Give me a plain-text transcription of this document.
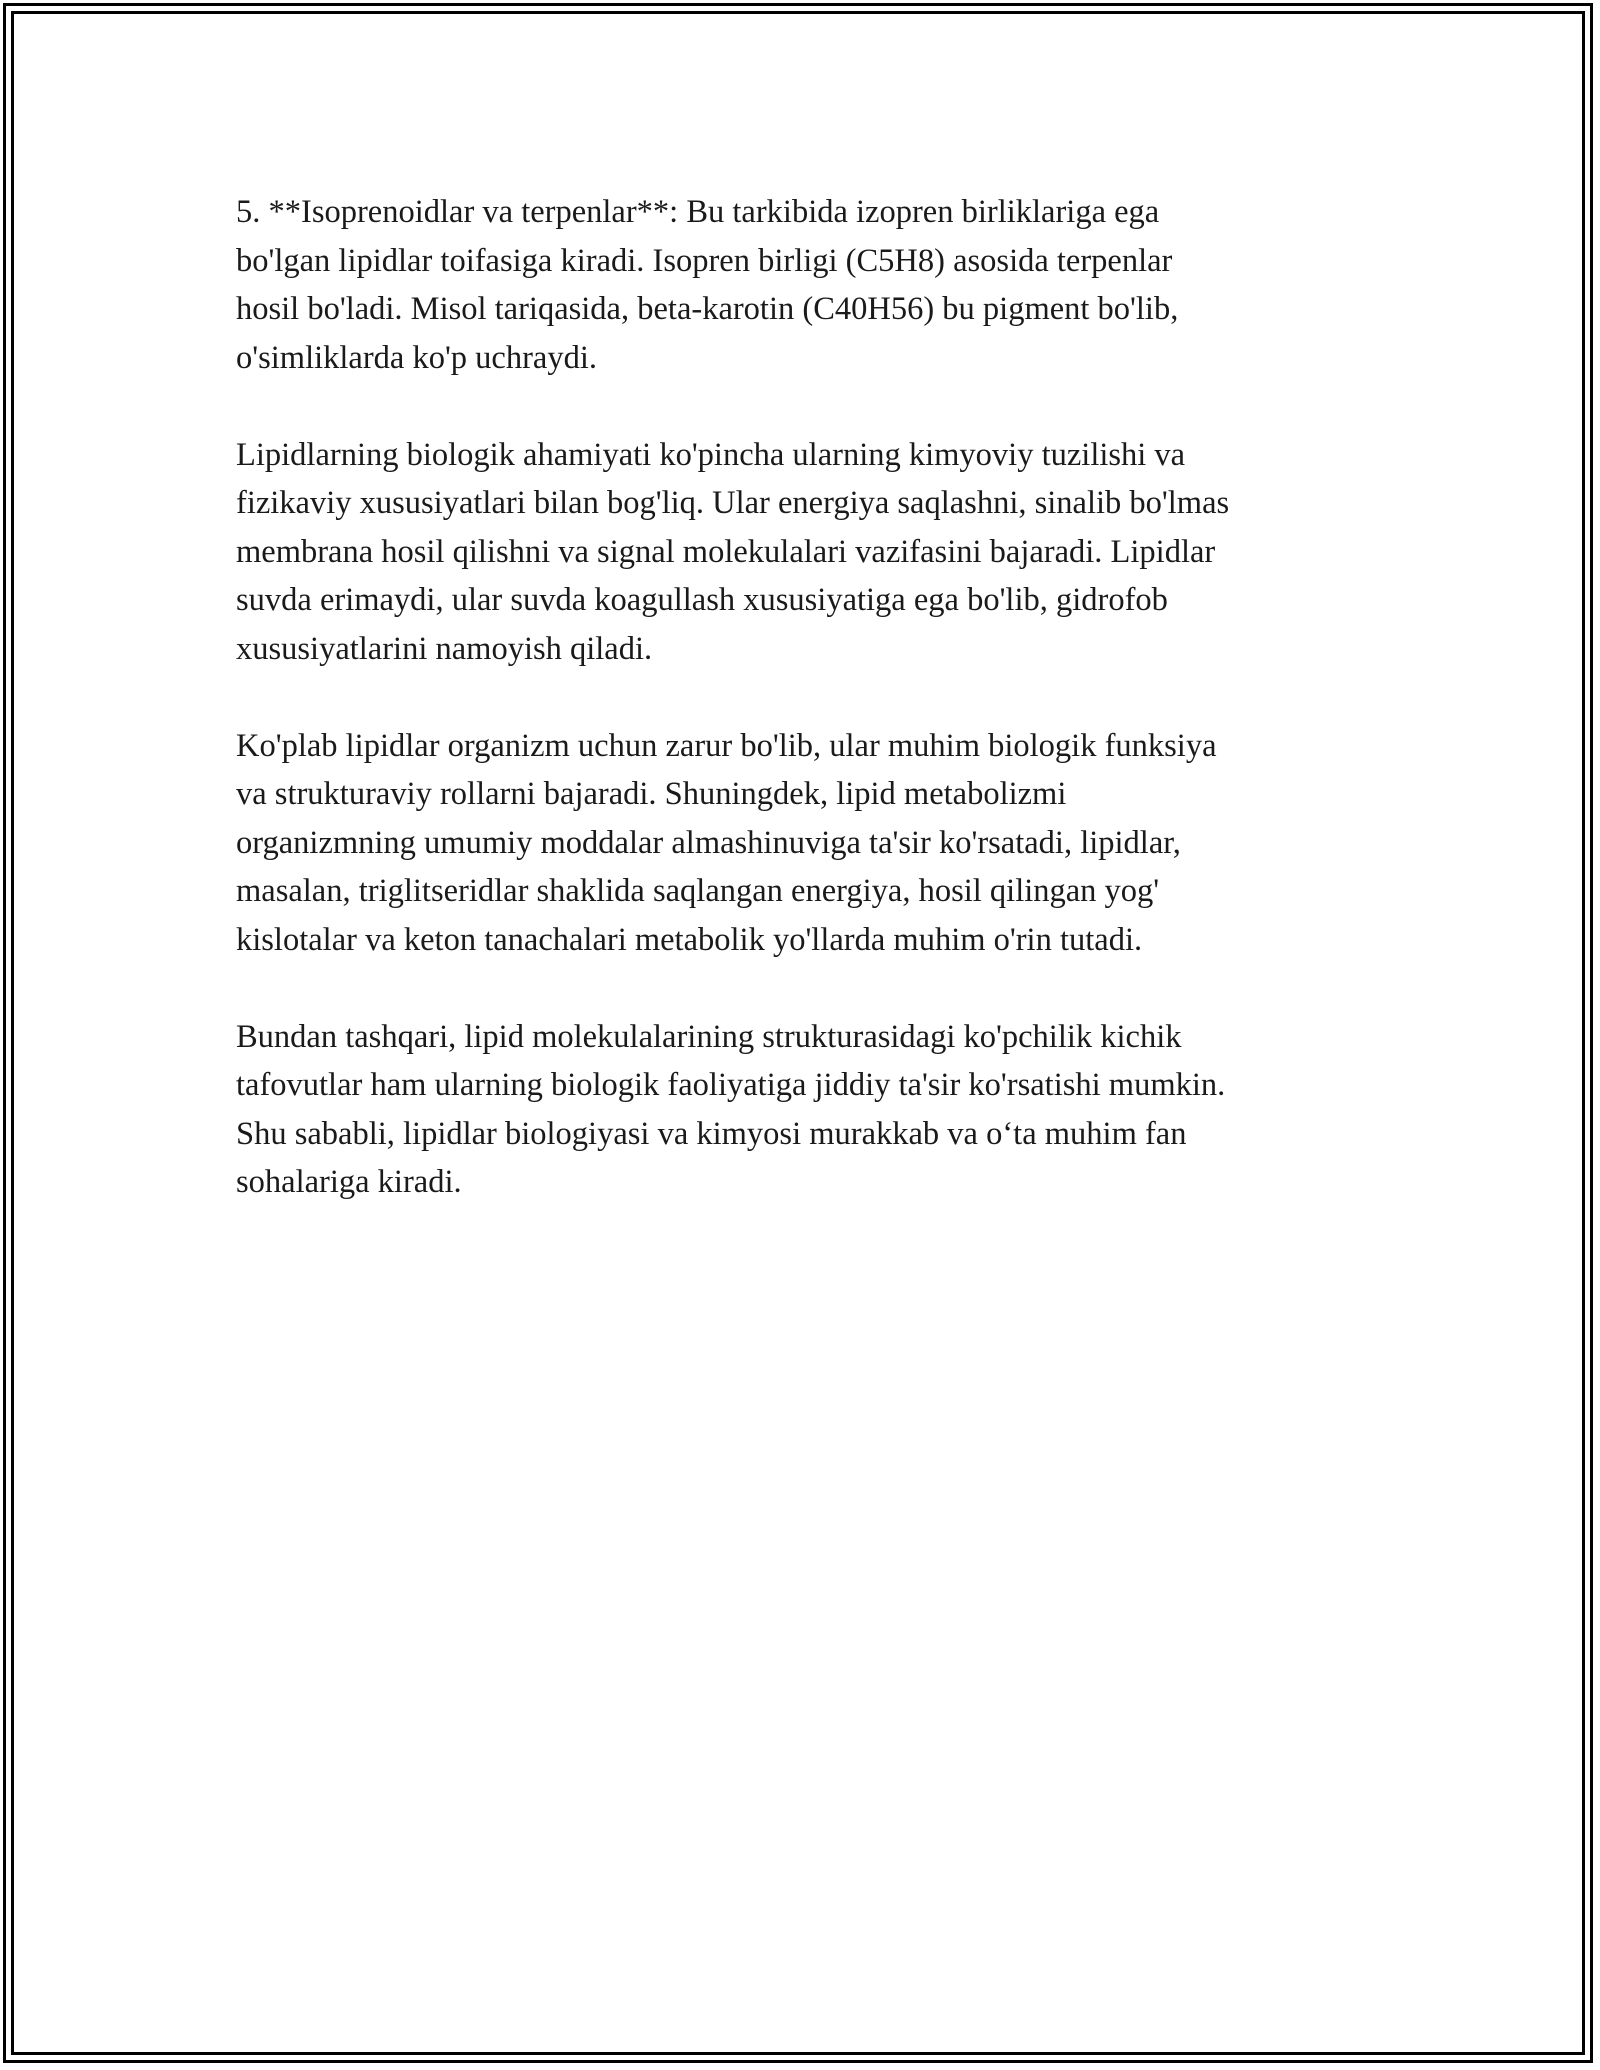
5. **Isoprenoidlar va terpenlar**: Bu tarkibida izopren birliklariga ega
bo'lgan lipidlar toifasiga kiradi. Isopren birligi (C5H8) asosida terpenlar
hosil bo'ladi. Misol tariqasida, beta-karotin (C40H56) bu pigment bo'lib,
o'simliklarda ko'p uchraydi.

Lipidlarning biologik ahamiyati ko'pincha ularning kimyoviy tuzilishi va
fizikaviy xususiyatlari bilan bog'liq. Ular energiya saqlashni, sinalib bo'lmas
membrana hosil qilishni va signal molekulalari vazifasini bajaradi. Lipidlar
suvda erimaydi, ular suvda koagullash xususiyatiga ega bo'lib, gidrofob
xususiyatlarini namoyish qiladi.

Ko'plab lipidlar organizm uchun zarur bo'lib, ular muhim biologik funksiya
va strukturaviy rollarni bajaradi. Shuningdek, lipid metabolizmi
organizmning umumiy moddalar almashinuviga ta'sir ko'rsatadi, lipidlar,
masalan, triglitseridlar shaklida saqlangan energiya, hosil qilingan yog'
kislotalar va keton tanachalari metabolik yo'llarda muhim o'rin tutadi.

Bundan tashqari, lipid molekulalarining strukturasidagi ko'pchilik kichik
tafovutlar ham ularning biologik faoliyatiga jiddiy ta'sir ko'rsatishi mumkin.
Shu sababli, lipidlar biologiyasi va kimyosi murakkab va o‘ta muhim fan
sohalariga kiradi.
